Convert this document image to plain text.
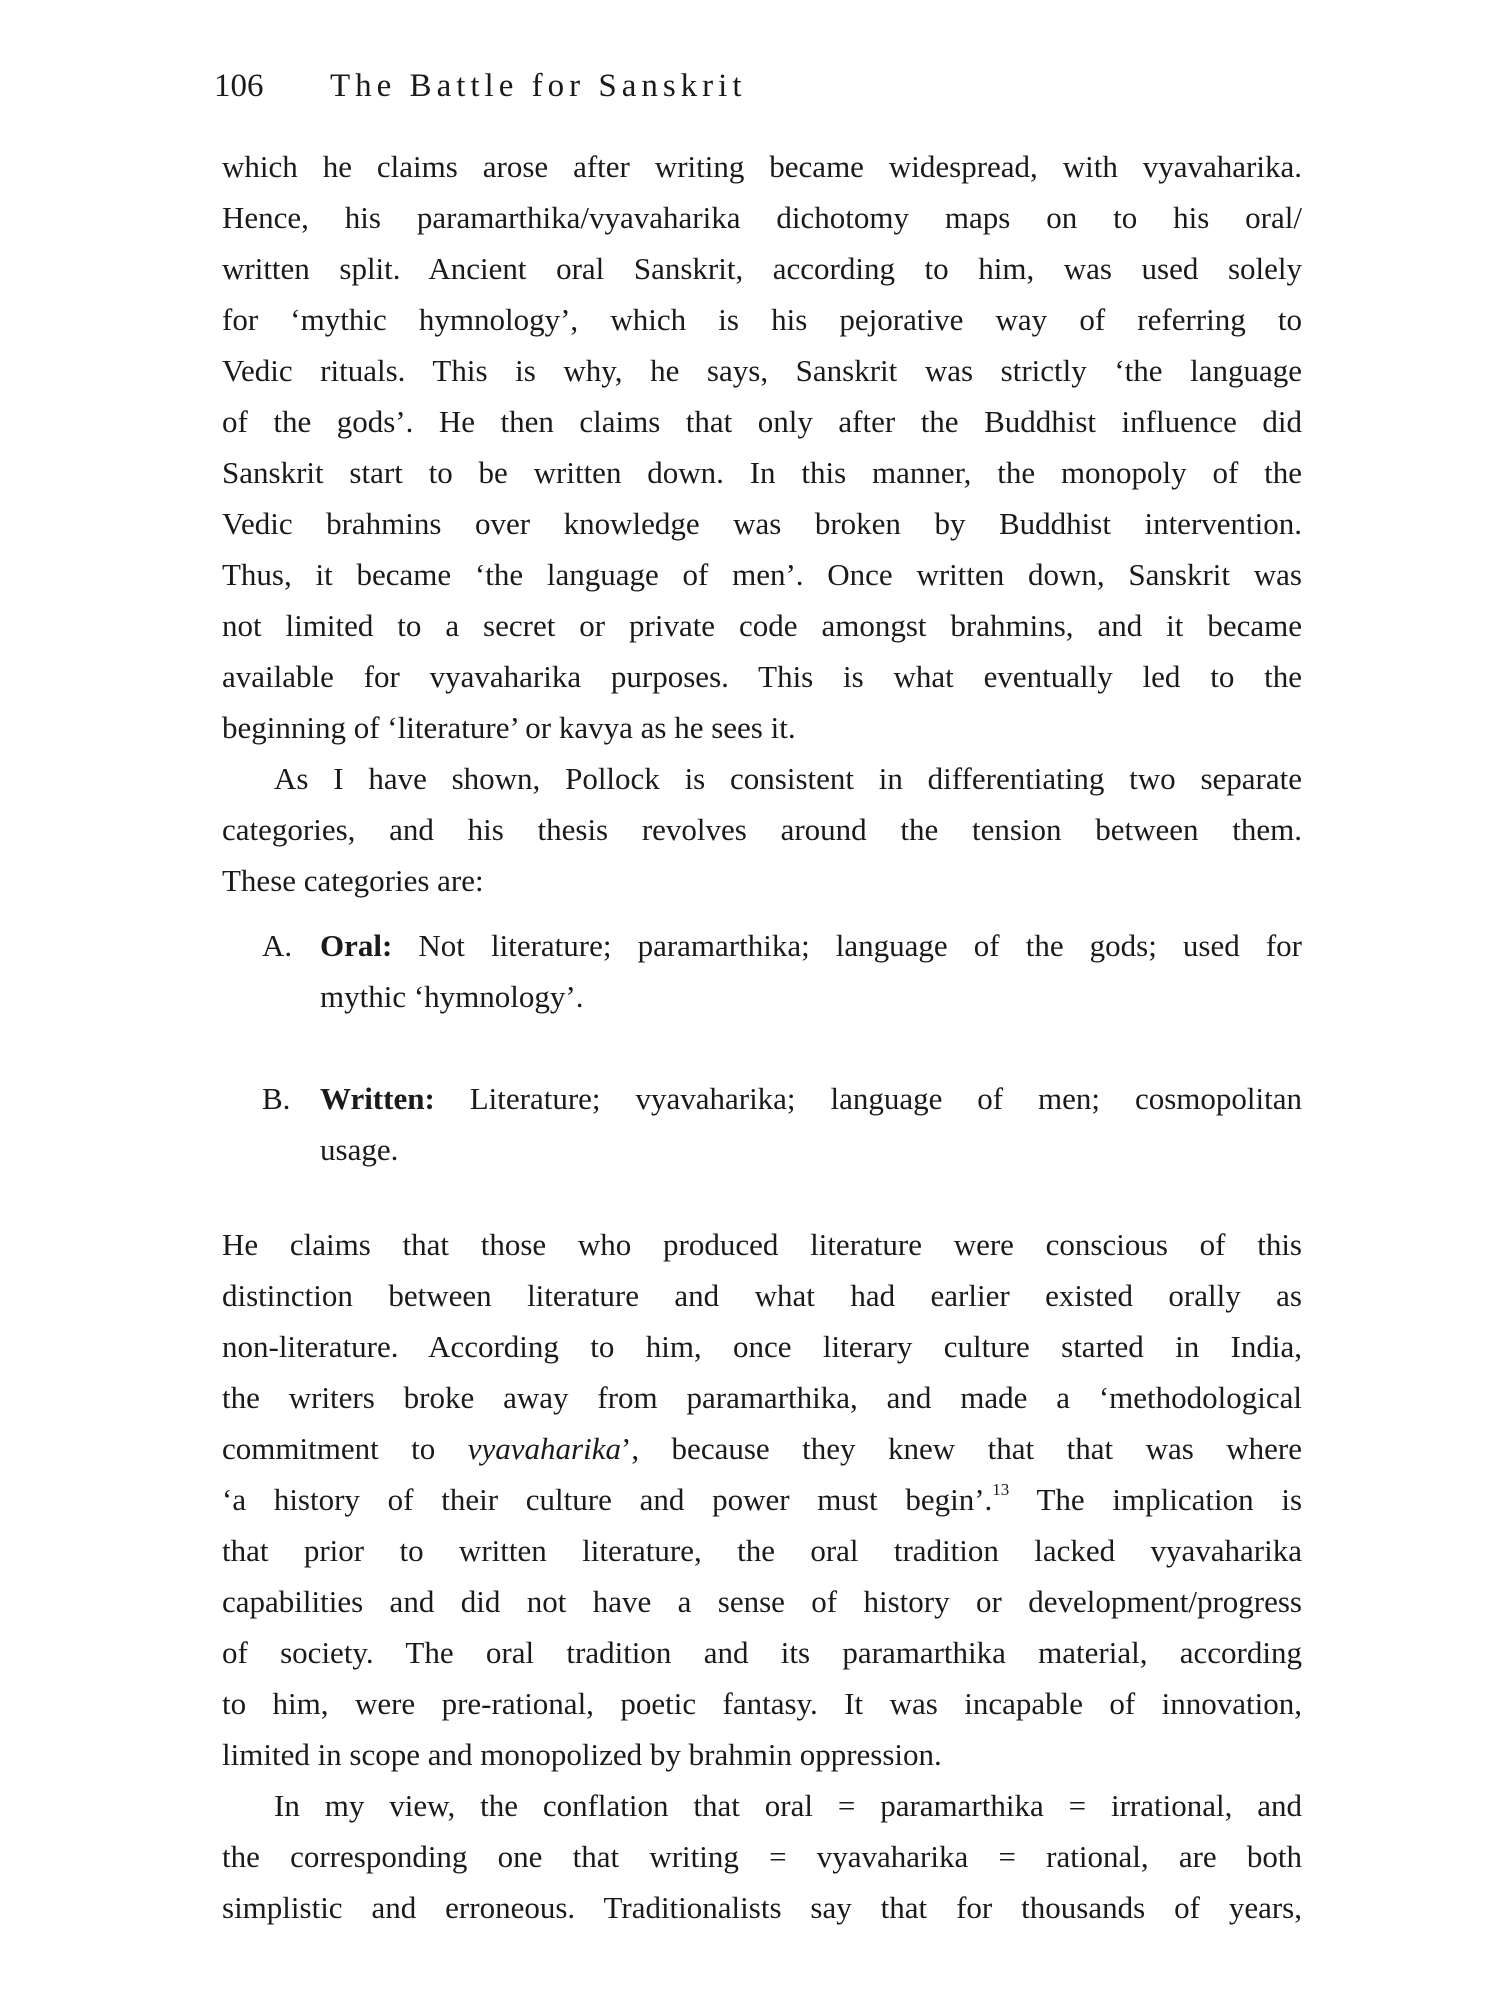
106 The Battle for Sanskrit
which he claims arose after writing became widespread, with vyavaharika.
Hence, his paramarthika/vyavaharika dichotomy maps on to his oral/
written split. Ancient oral Sanskrit, according to him, was used solely
for ‘mythic hymnology’, which is his pejorative way of referring to
Vedic rituals. This is why, he says, Sanskrit was strictly ‘the language
of the gods’. He then claims that only after the Buddhist influence did
Sanskrit start to be written down. In this manner, the monopoly of the
Vedic brahmins over knowledge was broken by Buddhist intervention.
Thus, it became ‘the language of men’. Once written down, Sanskrit was
not limited to a secret or private code amongst brahmins, and it became
available for vyavaharika purposes. This is what eventually led to the
beginning of ‘literature’ or kavya as he sees it.
As I have shown, Pollock is consistent in differentiating two separate
categories, and his thesis revolves around the tension between them.
These categories are:
A. Oral: Not literature; paramarthika; language of the gods; used for
mythic ‘hymnology’.
B. Written: Literature; vyavaharika; language of men; cosmopolitan
usage.
He claims that those who produced literature were conscious of this
distinction between literature and what had earlier existed orally as
non-literature. According to him, once literary culture started in India,
the writers broke away from paramarthika, and made a ‘methodological
commitment to vyavaharika’, because they knew that that was where
‘a history of their culture and power must begin’.$^{13}$ The implication is
that prior to written literature, the oral tradition lacked vyavaharika
capabilities and did not have a sense of history or development/progress
of society. The oral tradition and its paramarthika material, according
to him, were pre-rational, poetic fantasy. It was incapable of innovation,
limited in scope and monopolized by brahmin oppression.
In my view, the conflation that oral = paramarthika = irrational, and
the corresponding one that writing = vyavaharika = rational, are both
simplistic and erroneous. Traditionalists say that for thousands of years,
